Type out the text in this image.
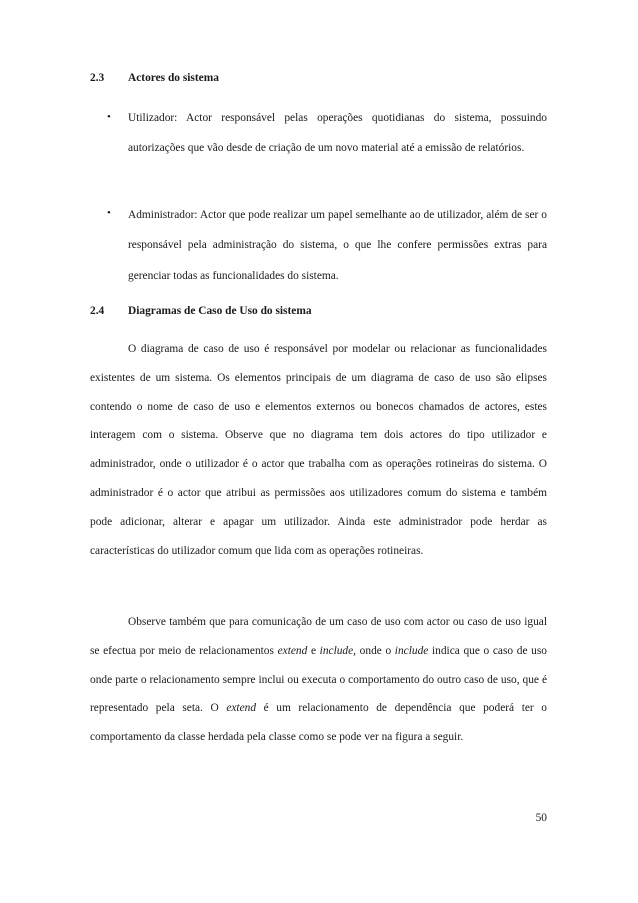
2.3 Actores do sistema
• Utilizador: Actor responsável pelas operações quotidianas do sistema, possuindo autorizações que vão desde de criação de um novo material até a emissão de relatórios.
• Administrador: Actor que pode realizar um papel semelhante ao de utilizador, além de ser o responsável pela administração do sistema, o que lhe confere permissões extras para gerenciar todas as funcionalidades do sistema.
2.4 Diagramas de Caso de Uso do sistema
O diagrama de caso de uso é responsável por modelar ou relacionar as funcionalidades existentes de um sistema. Os elementos principais de um diagrama de caso de uso são elipses contendo o nome de caso de uso e elementos externos ou bonecos chamados de actores, estes interagem com o sistema. Observe que no diagrama tem dois actores do tipo utilizador e administrador, onde o utilizador é o actor que trabalha com as operações rotineiras do sistema. O administrador é o actor que atribui as permissões aos utilizadores comum do sistema e também pode adicionar, alterar e apagar um utilizador. Ainda este administrador pode herdar as características do utilizador comum que lida com as operações rotineiras.
Observe também que para comunicação de um caso de uso com actor ou caso de uso igual se efectua por meio de relacionamentos extend e include, onde o include indica que o caso de uso onde parte o relacionamento sempre inclui ou executa o comportamento do outro caso de uso, que é representado pela seta. O extend é um relacionamento de dependência que poderá ter o comportamento da classe herdada pela classe como se pode ver na figura a seguir.
50
